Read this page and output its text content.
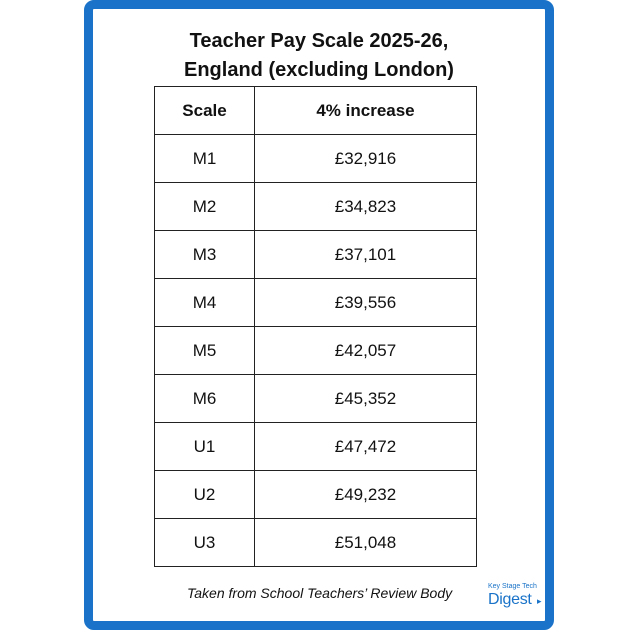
Teacher Pay Scale 2025-26,
England (excluding London)
Scale	4% increase
M1	£32,916
M2	£34,823
M3	£37,101
M4	£39,556
M5	£42,057
M6	£45,352
U1	£47,472
U2	£49,232
U3	£51,048
Taken from School Teachers’ Review Body	Key Stage Tech
Digest ▸
